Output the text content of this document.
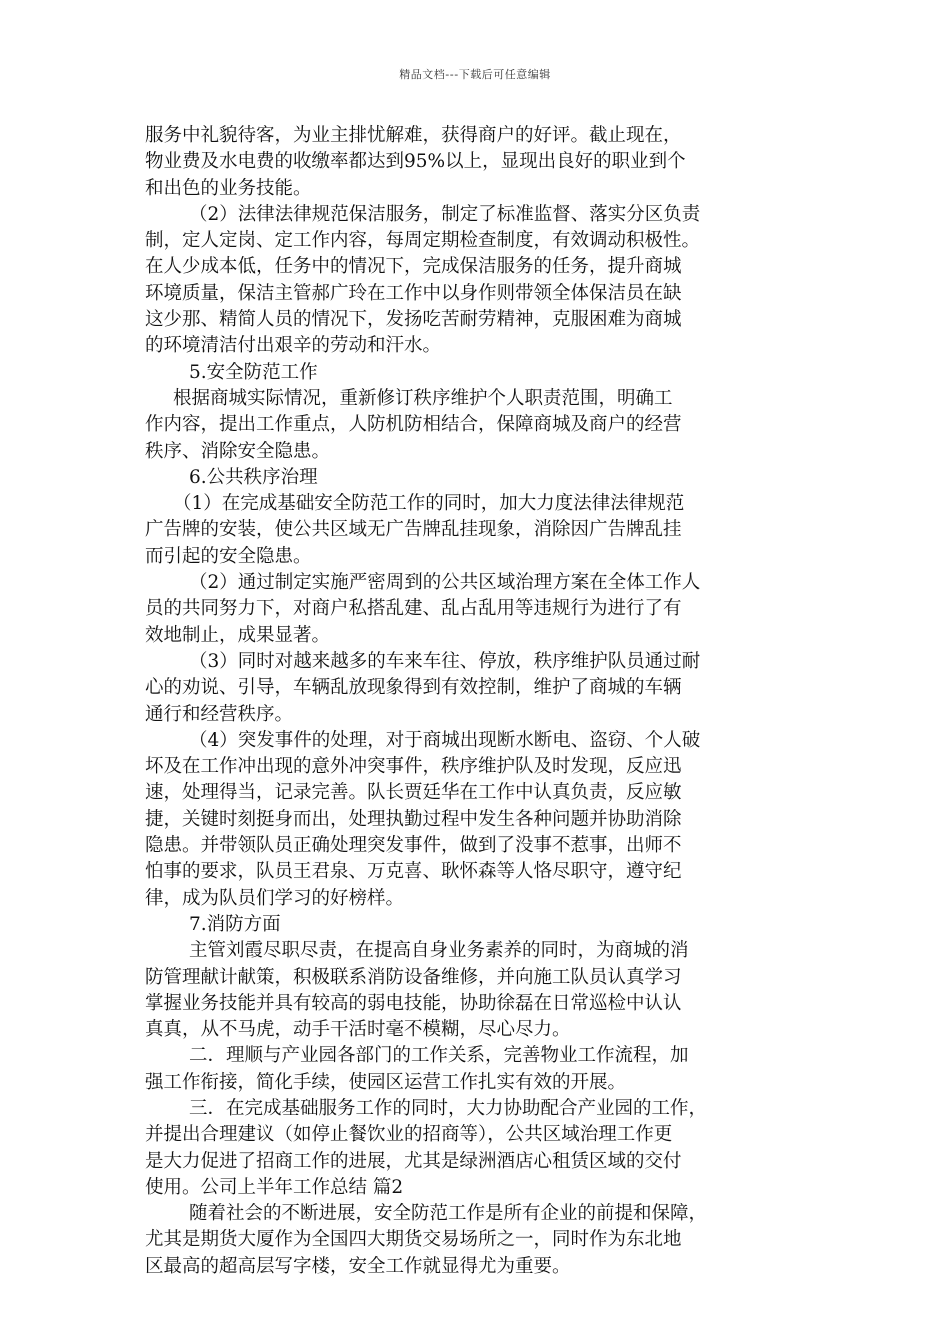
精品文档---下载后可任意编辑
服务中礼貌待客，为业主排忧解难，获得商户的好评。截止现在，
物业费及水电费的收缴率都达到95%以上，显现出良好的职业到个
和出色的业务技能。
（2）法律法律规范保洁服务，制定了标准监督、落实分区负责
制，定人定岗、定工作内容，每周定期检查制度，有效调动积极性。
在人少成本低，任务中的情况下，完成保洁服务的任务，提升商城
环境质量，保洁主管郝广玲在工作中以身作则带领全体保洁员在缺
这少那、精简人员的情况下，发扬吃苦耐劳精神，克服困难为商城
的环境清洁付出艰辛的劳动和汗水。
5.安全防范工作
根据商城实际情况，重新修订秩序维护个人职责范围，明确工
作内容，提出工作重点，人防机防相结合，保障商城及商户的经营
秩序、消除安全隐患。
6.公共秩序治理
（1）在完成基础安全防范工作的同时，加大力度法律法律规范
广告牌的安装，使公共区域无广告牌乱挂现象，消除因广告牌乱挂
而引起的安全隐患。
（2）通过制定实施严密周到的公共区域治理方案在全体工作人
员的共同努力下，对商户私搭乱建、乱占乱用等违规行为进行了有
效地制止，成果显著。
（3）同时对越来越多的车来车往、停放，秩序维护队员通过耐
心的劝说、引导，车辆乱放现象得到有效控制，维护了商城的车辆
通行和经营秩序。
（4）突发事件的处理，对于商城出现断水断电、盗窃、个人破
坏及在工作冲出现的意外冲突事件，秩序维护队及时发现，反应迅
速，处理得当，记录完善。队长贾廷华在工作中认真负责，反应敏
捷，关键时刻挺身而出，处理执勤过程中发生各种问题并协助消除
隐患。并带领队员正确处理突发事件，做到了没事不惹事，出师不
怕事的要求，队员王君泉、万克喜、耿怀森等人恪尽职守，遵守纪
律，成为队员们学习的好榜样。
7.消防方面
主管刘霞尽职尽责，在提高自身业务素养的同时，为商城的消
防管理献计献策，积极联系消防设备维修，并向施工队员认真学习
掌握业务技能并具有较高的弱电技能，协助徐磊在日常巡检中认认
真真，从不马虎，动手干活时毫不模糊，尽心尽力。
二．理顺与产业园各部门的工作关系，完善物业工作流程，加
强工作衔接，简化手续，使园区运营工作扎实有效的开展。
三．在完成基础服务工作的同时，大力协助配合产业园的工作，
并提出合理建议（如停止餐饮业的招商等），公共区域治理工作更
是大力促进了招商工作的进展，尤其是绿洲酒店心租赁区域的交付
使用。公司上半年工作总结 篇2
随着社会的不断进展，安全防范工作是所有企业的前提和保障，
尤其是期货大厦作为全国四大期货交易场所之一，同时作为东北地
区最高的超高层写字楼，安全工作就显得尤为重要。
